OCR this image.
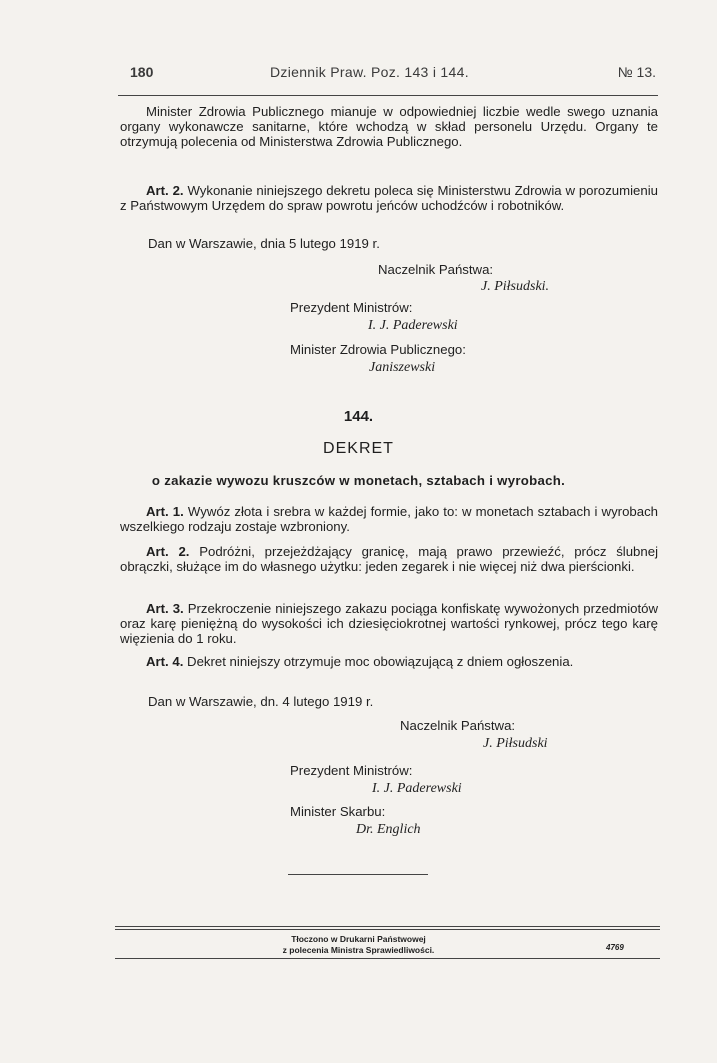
180	Dziennik Praw. Poz. 143 i 144.	№ 13.

Minister Zdrowia Publicznego mianuje w odpowiedniej liczbie wedle swego uznania organy wykonawcze sanitarne, które wchodzą w skład personelu Urzędu. Organy te otrzymują polecenia od Ministerstwa Zdrowia Publicznego.

Art. 2. Wykonanie niniejszego dekretu poleca się Ministerstwu Zdrowia w porozumieniu z Państwowym Urzędem do spraw powrotu jeńców uchodźców i robotników.

Dan w Warszawie, dnia 5 lutego 1919 r.
Naczelnik Państwa:
J. Piłsudski.
Prezydent Ministrów:
I. J. Paderewski
Minister Zdrowia Publicznego:
Janiszewski
144.
DEKRET
o zakazie wywozu kruszców w monetach, sztabach i wyrobach.

Art. 1. Wywóz złota i srebra w każdej formie, jako to: w monetach sztabach i wyrobach wszelkiego rodzaju zostaje wzbroniony.

Art. 2. Podróżni, przejeżdżający granicę, mają prawo przewieźć, prócz ślubnej obrączki, służące im do własnego użytku: jeden zegarek i nie więcej niż dwa pierścionki.

Art. 3. Przekroczenie niniejszego zakazu pociąga konfiskatę wywożonych przedmiotów oraz karę pieniężną do wysokości ich dziesięciokrotnej wartości rynkowej, prócz tego karę więzienia do 1 roku.

Art. 4. Dekret niniejszy otrzymuje moc obowiązującą z dniem ogłoszenia.

Dan w Warszawie, dn. 4 lutego 1919 r.
Naczelnik Państwa:
J. Piłsudski
Prezydent Ministrów:
I. J. Paderewski
Minister Skarbu:
Dr. Englich
Tłoczono w Drukarni Państwowej
z polecenia Ministra Sprawiedliwości.	4769
